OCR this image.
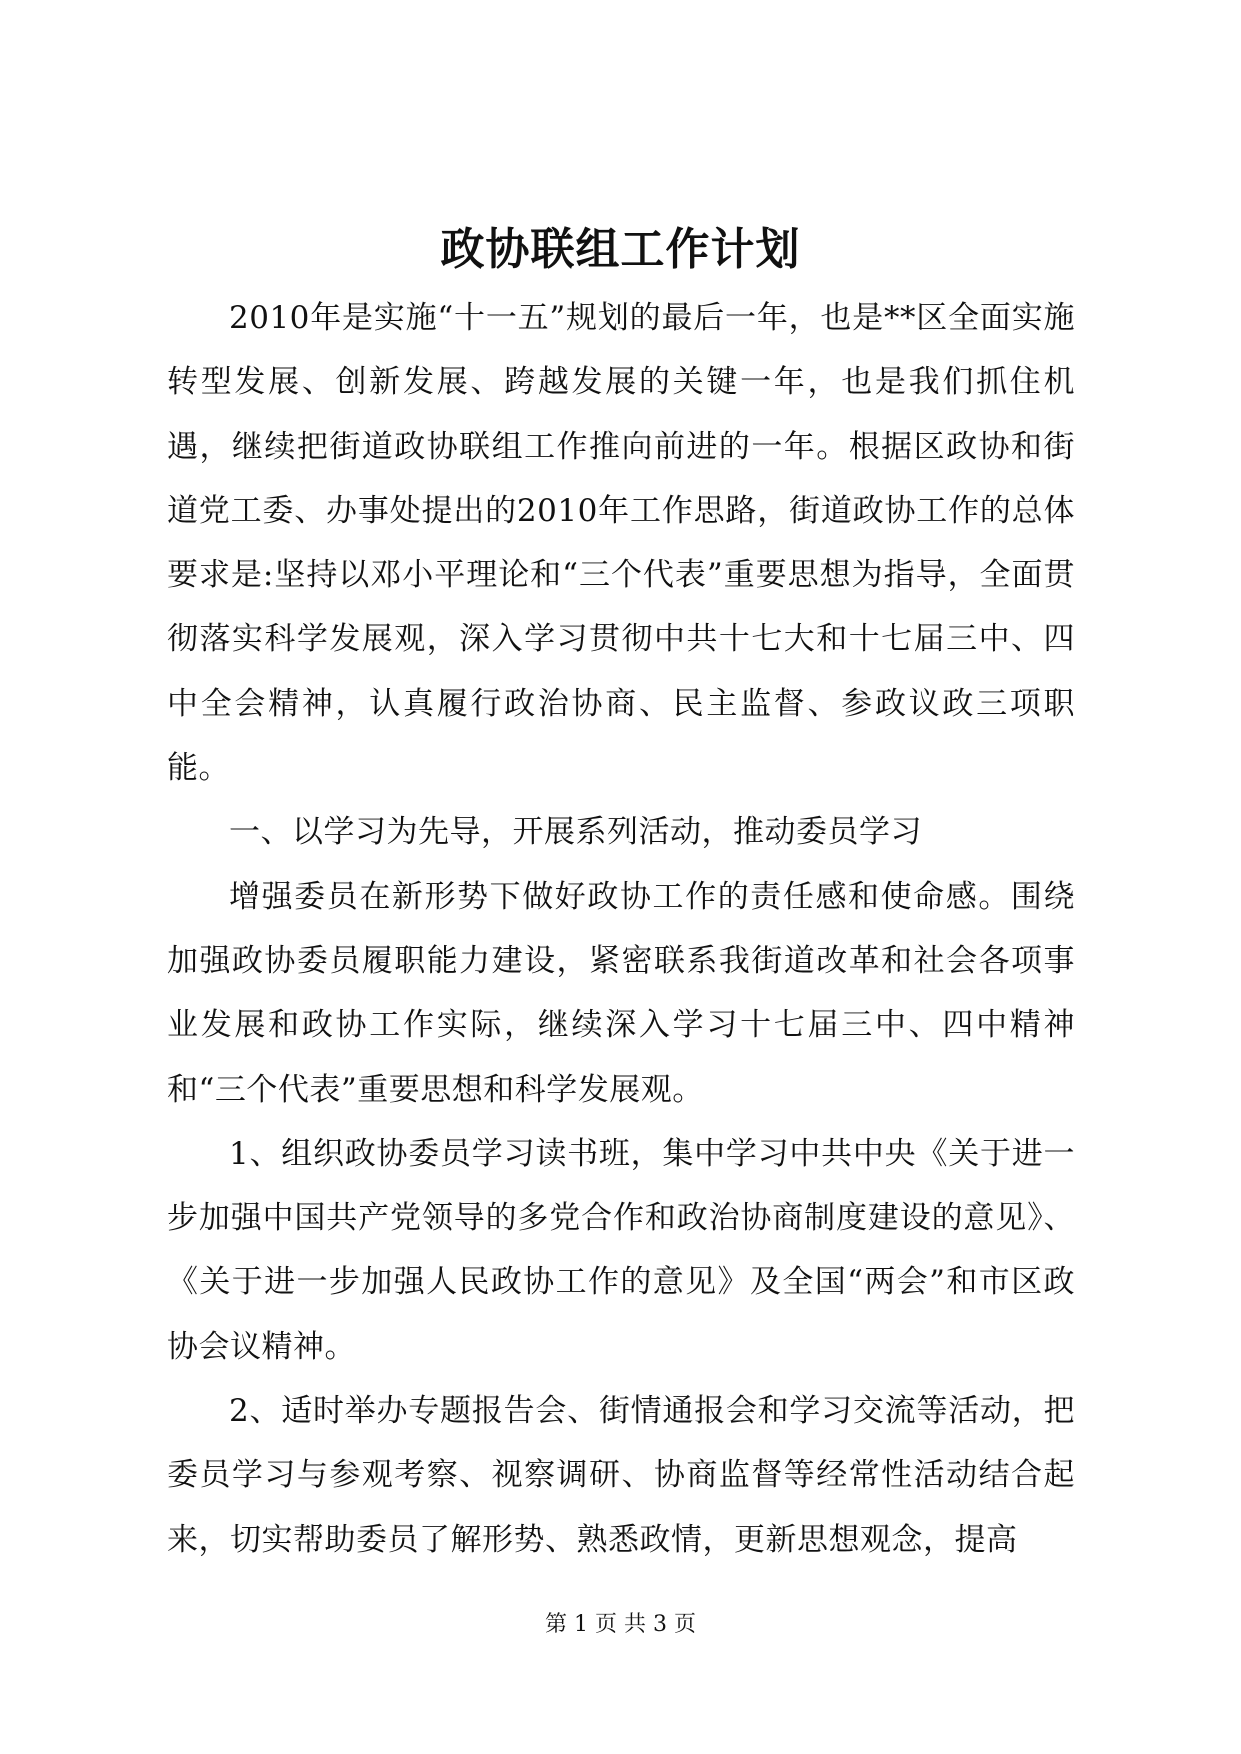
政协联组工作计划

2010年是实施“十一五”规划的最后一年，也是**区全面实施转型发展、创新发展、跨越发展的关键一年，也是我们抓住机遇，继续把街道政协联组工作推向前进的一年。根据区政协和街道党工委、办事处提出的2010年工作思路，街道政协工作的总体要求是:坚持以邓小平理论和“三个代表”重要思想为指导，全面贯彻落实科学发展观，深入学习贯彻中共十七大和十七届三中、四中全会精神，认真履行政治协商、民主监督、参政议政三项职能。

一、以学习为先导，开展系列活动，推动委员学习

增强委员在新形势下做好政协工作的责任感和使命感。围绕加强政协委员履职能力建设，紧密联系我街道改革和社会各项事业发展和政协工作实际，继续深入学习十七届三中、四中精神和“三个代表”重要思想和科学发展观。

1、组织政协委员学习读书班，集中学习中共中央《关于进一步加强中国共产党领导的多党合作和政治协商制度建设的意见》、《关于进一步加强人民政协工作的意见》及全国“两会”和市区政协会议精神。

2、适时举办专题报告会、街情通报会和学习交流等活动，把委员学习与参观考察、视察调研、协商监督等经常性活动结合起来，切实帮助委员了解形势、熟悉政情，更新思想观念，提高

第 1 页 共 3 页
